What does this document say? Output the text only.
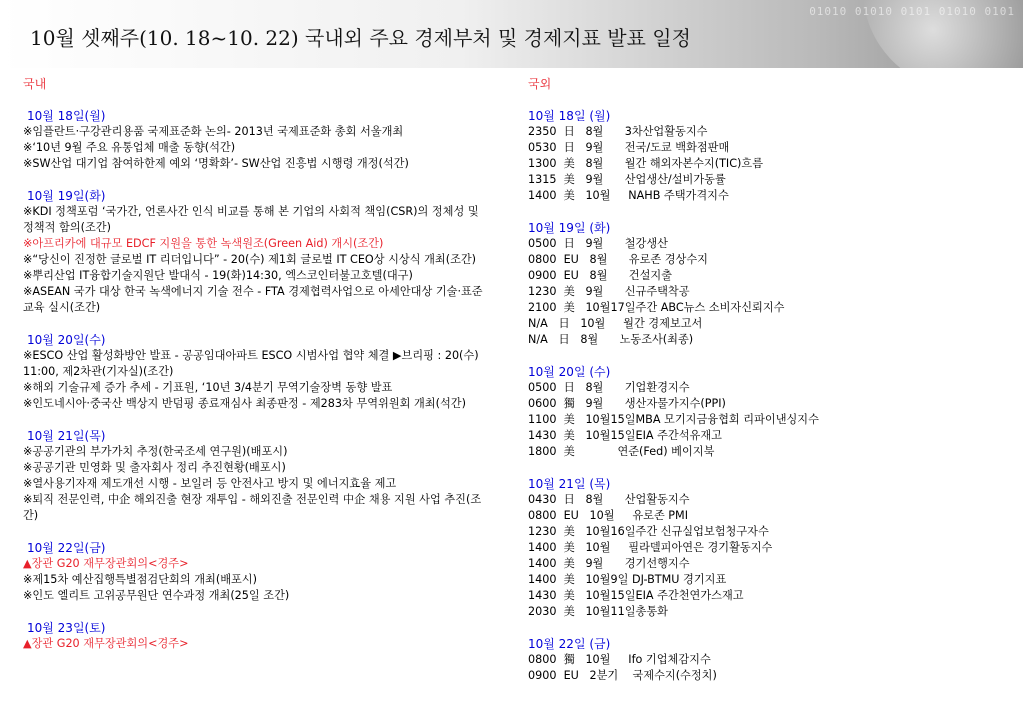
01010 01010 0101 01010 0101
10월 셋째주(10. 18~10. 22) 국내외 주요 경제부처 및 경제지표 발표 일정
국내
10월 18일(월)
※임플란트·구강관리용품 국제표준화 논의- 2013년 국제표준화 총회 서울개최
※‘10년 9월 주요 유통업체 매출 동향(석간)
※SW산업 대기업 참여하한제 예외 ‘명확화’- SW산업 진흥법 시행령 개정(석간)
10월 19일(화)
※KDI 정책포럼 ‘국가간, 언론사간 인식 비교를 통해 본 기업의 사회적 책임(CSR)의 정체성 및 정책적 함의(조간)
※아프리카에 대규모 EDCF 지원을 통한 녹색원조(Green Aid) 개시(조간)
※“당신이 진정한 글로벌 IT 리더입니다” - 20(수) 제1회 글로벌 IT CEO상 시상식 개최(조간)
※뿌리산업 IT융합기술지원단 발대식 - 19(화)14:30, 엑스코인터불고호텔(대구)
※ASEAN 국가 대상 한국 녹색에너지 기술 전수 - FTA 경제협력사업으로 아세안대상 기술·표준 교육 실시(조간)
10월 20일(수)
※ESCO 산업 활성화방안 발표 - 공공임대아파트 ESCO 시범사업 협약 체결 ▶브리핑 : 20(수) 11:00, 제2차관(기자실)(조간)
※해외 기술규제 증가 추세 - 기표원, ‘10년 3/4분기 무역기술장벽 동향 발표
※인도네시아·중국산 백상지 반덤핑 종료재심사 최종판정 - 제283차 무역위원회 개최(석간)
10월 21일(목)
※공공기관의 부가가치 추정(한국조세 연구원)(배포시)
※공공기관 민영화 및 출자회사 정리 추진현황(배포시)
※열사용기자재 제도개선 시행 - 보일러 등 안전사고 방지 및 에너지효율 제고
※퇴직 전문인력, 中企 해외진출 현장 재투입 - 해외진출 전문인력 中企 채용 지원 사업 추진(조간)
10월 22일(금)
▲장관 G20 재무장관회의<경주>
※제15차 예산집행특별점검단회의 개최(배포시)
※인도 엘리트 고위공무원단 연수과정 개최(25일 조간)
10월 23일(토)
▲장관 G20 재무장관회의<경주>
국외
10월 18일 (월)
2350  日   8월      3차산업활동지수
0530  日   9월      전국/도쿄 백화점판매
1300  美   8월      월간 해외자본수지(TIC)흐름
1315  美   9월      산업생산/설비가동률
1400  美   10월     NAHB 주택가격지수
10월 19일 (화)
0500  日   9월      철강생산
0800  EU   8월      유로존 경상수지
0900  EU   8월      건설지출
1230  美   9월      신규주택착공
2100  美   10월17일주간 ABC뉴스 소비자신뢰지수
N/A   日   10월     월간 경제보고서
N/A   日   8월      노동조사(최종)
10월 20일 (수)
0500  日   8월      기업환경지수
0600  獨   9월      생산자물가지수(PPI)
1100  美   10월15일MBA 모기지금융협회 리파이낸싱지수
1430  美   10월15일EIA 주간석유재고
1800  美            연준(Fed) 베이지북
10월 21일 (목)
0430  日   8월      산업활동지수
0800  EU   10월     유로존 PMI
1230  美   10월16일주간 신규실업보험청구자수
1400  美   10월     필라델피아연은 경기활동지수
1400  美   9월      경기선행지수
1400  美   10월9일 DJ-BTMU 경기지표
1430  美   10월15일EIA 주간천연가스재고
2030  美   10월11일총통화
10월 22일 (금)
0800  獨   10월     Ifo 기업체감지수
0900  EU   2분기    국제수지(수정치)
